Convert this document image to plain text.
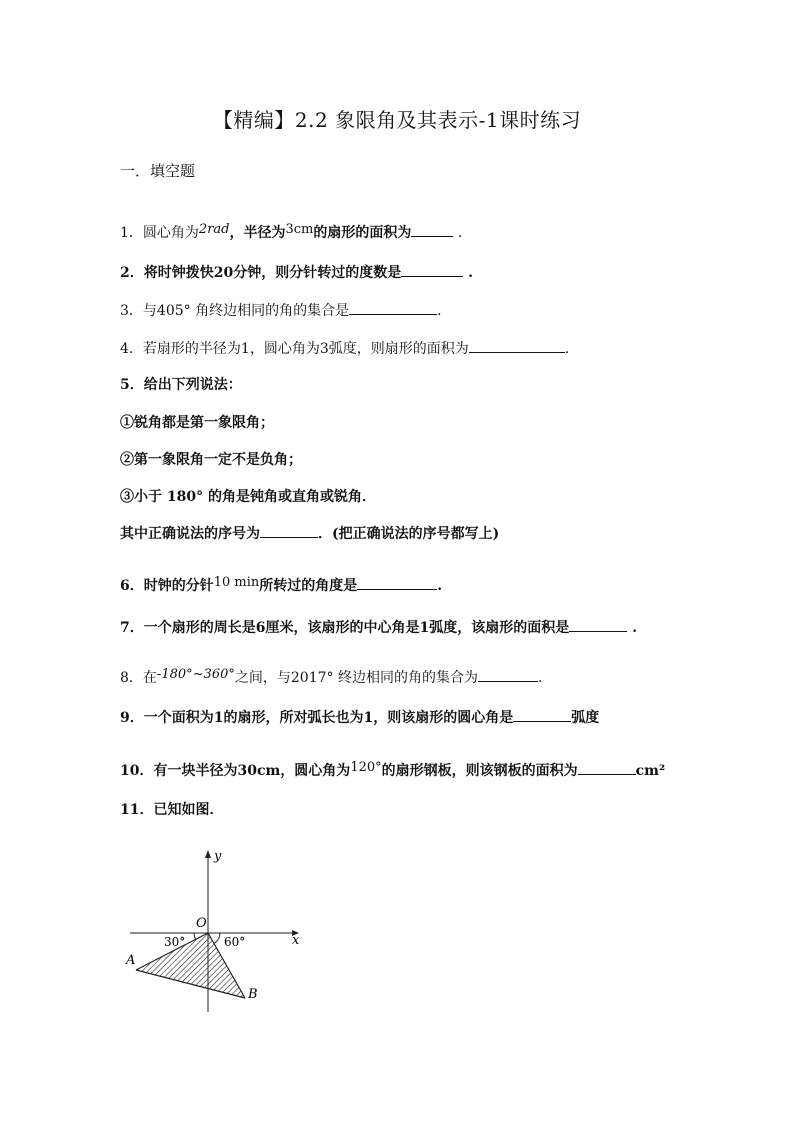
【精编】2.2 象限角及其表示-1课时练习
一．填空题
1．圆心角为2rad，半径为3cm的扇形的面积为	.
2．将时钟拨快20分钟，则分针转过的度数是	.
3．与405° 角终边相同的角的集合是	.
4．若扇形的半径为1，圆心角为3弧度，则扇形的面积为	.
5．给出下列说法：
①锐角都是第一象限角；
②第一象限角一定不是负角；
③小于 180° 的角是钝角或直角或锐角．
其中正确说法的序号为	．(把正确说法的序号都写上)
6．时钟的分针10 min所转过的角度是	.
7．一个扇形的周长是6厘米，该扇形的中心角是1弧度，该扇形的面积是	.
8．在-180°~360°之间，与2017° 终边相同的角的集合为	.
9．一个面积为1的扇形，所对弧长也为1，则该扇形的圆心角是	弧度
10．有一块半径为30cm，圆心角为120°的扇形钢板，则该钢板的面积为	cm²
11．已知如图．
y
x
O
30°	60°
A
B
